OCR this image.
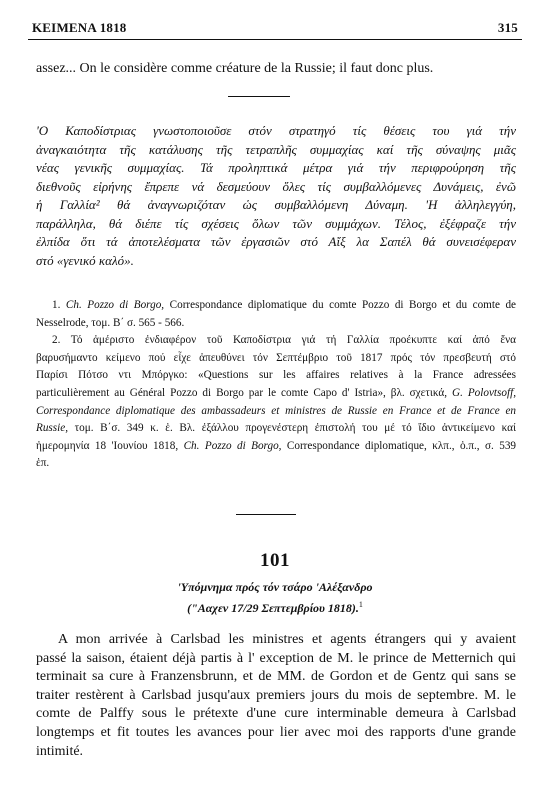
ΚΕΙΜΕΝΑ 1818	315
assez... On le considère comme créature de la Russie; il faut donc plus.
'Ο Καποδίστριας γνωστοποιοῦσε στόν στρατηγό τίς θέσεις του γιά τήν
ἀναγκαιότητα τῆς κατάλυσης τῆς τετραπλῆς συμμαχίας καί τῆς σύναψης μιᾶς
νέας γενικῆς συμμαχίας. Τά προληπτικά μέτρα γιά τήν περιφρούρηση τῆς
διεθνοῦς εἰρήνης ἔπρεπε νά δεσμεύουν ὅλες τίς συμβαλλόμενες Δυνάμεις, ἐνῶ
ἡ Γαλλία² θά ἀναγνωριζόταν ὡς συμβαλλόμενη Δύναμη. 'Η ἀλληλεγγύη,
παράλληλα, θά διέπε τίς σχέσεις ὅλων τῶν συμμάχων. Τέλος, ἐξέφραζε τήν
ἐλπίδα ὅτι τά ἀποτελέσματα τῶν ἐργασιῶν στό Αἴξ λα Σαπέλ θά συνεισέφεραν
στό «γενικό καλό».
1. Ch. Pozzo di Borgo, Correspondance diplomatique du comte Pozzo di Borgo et du comte de
Nesselrode, τομ. Β΄ σ. 565 - 566.
2. Τό ἀμέριστο ἐνδιαφέρον τοῦ Καποδίστρια γιά τή Γαλλία προέκυπτε καί ἀπό ἕνα
βαρυσήμαντο κείμενο πού εἶχε ἀπευθύνει τόν Σεπτέμβριο τοῦ 1817 πρός τόν πρεσβευτή στό
Παρίσι Πότσο ντι Μπόργκο: «Questions sur les affaires relatives à la France adressées
particulièrement au Général Pozzo di Borgo par le comte Capo d' Istria», βλ. σχετικά, G. Polovtsoff,
Correspondance diplomatique des ambassadeurs et ministres de Russie en France et de France en
Russie, τομ. Β΄σ. 349 κ. ἑ. Βλ. ἐξάλλου προγενέστερη ἐπιστολή του μέ τό ἴδιο ἀντικείμενο καί
ἡμερομηνία 18 'Ιουνίου 1818, Ch. Pozzo di Borgo, Correspondance diplomatique, κλπ., ὁ.π., σ. 539
ἑπ.
101
'Υπόμνημα πρός τόν τσάρο 'Αλέξανδρο
("Ααχεν 17/29 Σεπτεμβρίου 1818).$^1$
A mon arrivée à Carlsbad les ministres et agents étrangers qui y avaient
passé la saison, étaient déjà partis à l' exception de M. le prince de Metternich qui
terminait sa cure à Franzensbrunn, et de MM. de Gordon et de Gentz qui sans se
traiter restèrent à Carlsbad jusqu'aux premiers jours du mois de septembre. M. le
comte de Palffy sous le prétexte d'une cure interminable demeura à Carlsbad
longtemps et fit toutes les avances pour lier avec moi des rapports d'une grande
intimité.
